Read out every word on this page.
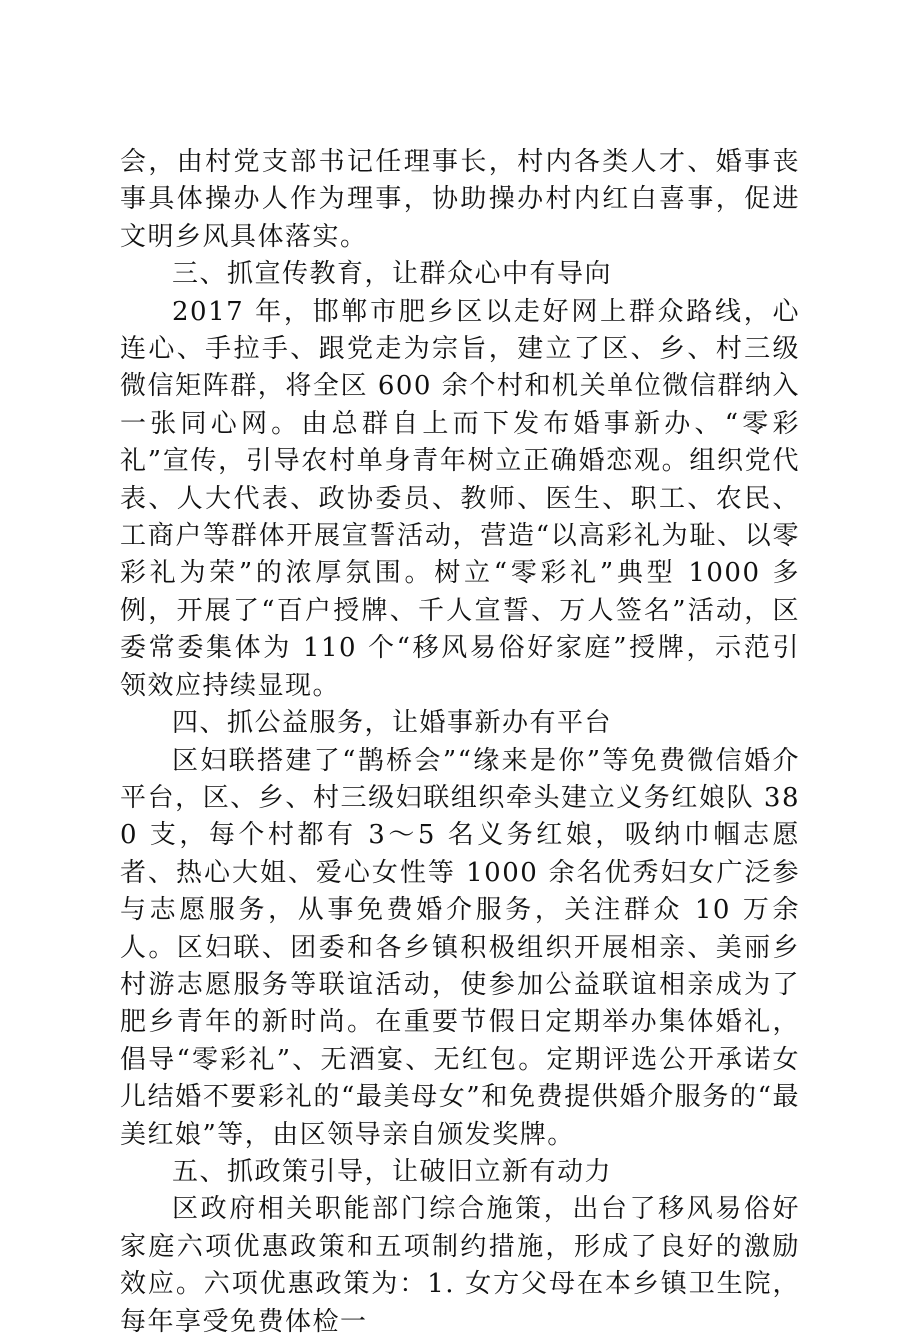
会，由村党支部书记任理事长，村内各类人才、婚事丧事具体操办人作为理事，协助操办村内红白喜事，促进文明乡风具体落实。

三、抓宣传教育，让群众心中有导向

2017 年，邯郸市肥乡区以走好网上群众路线，心连心、手拉手、跟党走为宗旨，建立了区、乡、村三级微信矩阵群，将全区 600 余个村和机关单位微信群纳入一张同心网。由总群自上而下发布婚事新办、“零彩礼”宣传，引导农村单身青年树立正确婚恋观。组织党代表、人大代表、政协委员、教师、医生、职工、农民、工商户等群体开展宣誓活动，营造“以高彩礼为耻、以零彩礼为荣”的浓厚氛围。树立“零彩礼”典型 1000 多例，开展了“百户授牌、千人宣誓、万人签名”活动，区委常委集体为 110 个“移风易俗好家庭”授牌，示范引领效应持续显现。

四、抓公益服务，让婚事新办有平台

区妇联搭建了“鹊桥会”“缘来是你”等免费微信婚介平台，区、乡、村三级妇联组织牵头建立义务红娘队 380 支，每个村都有 3～5 名义务红娘，吸纳巾帼志愿者、热心大姐、爱心女性等 1000 余名优秀妇女广泛参与志愿服务，从事免费婚介服务，关注群众 10 万余人。区妇联、团委和各乡镇积极组织开展相亲、美丽乡村游志愿服务等联谊活动，使参加公益联谊相亲成为了肥乡青年的新时尚。在重要节假日定期举办集体婚礼，倡导“零彩礼”、无酒宴、无红包。定期评选公开承诺女儿结婚不要彩礼的“最美母女”和免费提供婚介服务的“最美红娘”等，由区领导亲自颁发奖牌。

五、抓政策引导，让破旧立新有动力

区政府相关职能部门综合施策，出台了移风易俗好家庭六项优惠政策和五项制约措施，形成了良好的激励效应。六项优惠政策为：1. 女方父母在本乡镇卫生院，每年享受免费体检一
